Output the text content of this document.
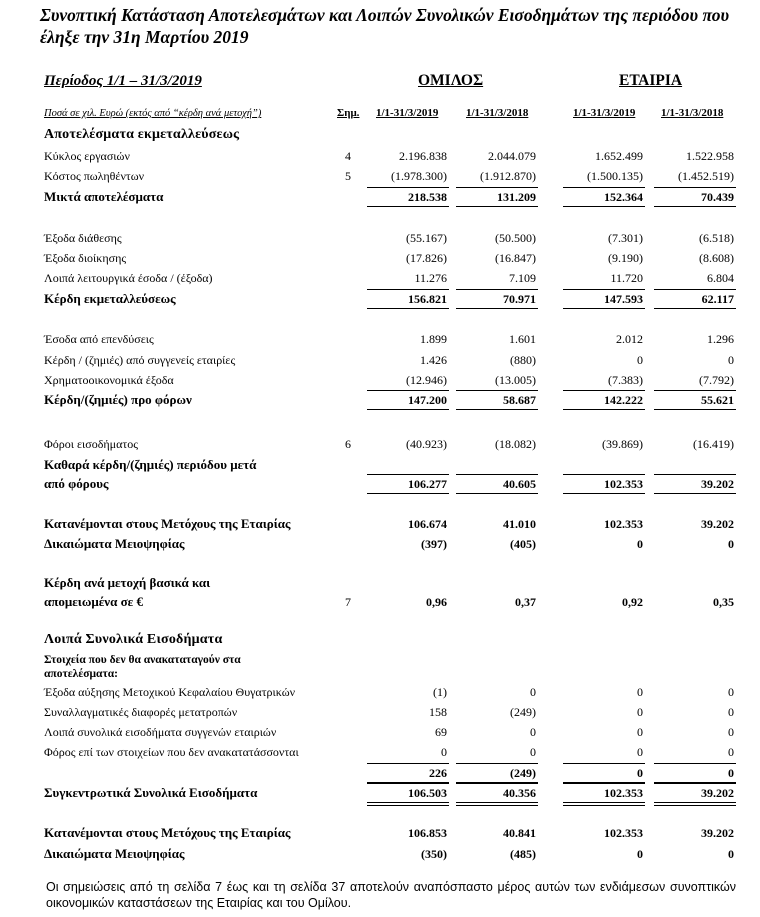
Συνοπτική Κατάσταση Αποτελεσμάτων και Λοιπών Συνολικών Εισοδημάτων της περιόδου που έληξε την 31η Μαρτίου 2019
Περίοδος 1/1 – 31/3/2019	ΟΜΙΛΟΣ	ΕΤΑΙΡΙΑ
Ποσά σε χιλ. Ευρώ (εκτός από “κέρδη ανά μετοχή”)	Σημ. 1/1-31/3/2019	1/1-31/3/2018	1/1-31/3/2019 1/1-31/3/2018
Αποτελέσματα εκμεταλλεύσεως
Κύκλος εργασιών	4	2.196.838	2.044.079	1.652.499	1.522.958
Κόστος πωληθέντων	5	(1.978.300)	(1.912.870)	(1.500.135)	(1.452.519)
Μικτά αποτελέσματα	218.538	131.209	152.364	70.439
Έξοδα διάθεσης	(55.167)	(50.500)	(7.301)	(6.518)
Έξοδα διοίκησης	(17.826)	(16.847)	(9.190)	(8.608)
Λοιπά λειτουργικά έσοδα / (έξοδα)	11.276	7.109	11.720	6.804
Κέρδη εκμεταλλεύσεως	156.821	70.971	147.593	62.117
Έσοδα από επενδύσεις	1.899	1.601	2.012	1.296
Κέρδη / (ζημιές) από συγγενείς εταιρίες	1.426	(880)	0	0
Χρηματοοικονομικά έξοδα	(12.946)	(13.005)	(7.383)	(7.792)
Κέρδη/(ζημιές) προ φόρων	147.200	58.687	142.222	55.621
Φόροι εισοδήματος	6	(40.923)	(18.082)	(39.869)	(16.419)
Καθαρά κέρδη/(ζημιές) περιόδου μετά
από φόρους	106.277	40.605	102.353	39.202
Κατανέμονται στους Μετόχους της Εταιρίας	106.674	41.010	102.353	39.202
Δικαιώματα Μειοψηφίας	(397)	(405)	0	0
Κέρδη ανά μετοχή βασικά και
απομειωμένα σε €	7	0,96	0,37	0,92	0,35
Λοιπά Συνολικά Εισοδήματα
Στοιχεία που δεν θα ανακαταταγούν στα
αποτελέσματα:
Έξοδα αύξησης Μετοχικού Κεφαλαίου Θυγατρικών	(1)	0	0	0
Συναλλαγματικές διαφορές μετατροπών	158	(249)	0	0
Λοιπά συνολικά εισοδήματα συγγενών εταιριών	69	0	0	0
Φόρος επί των στοιχείων που δεν ανακατατάσσονται	0	0	0	0
226	(249)	0	0
Συγκεντρωτικά Συνολικά Εισοδήματα	106.503	40.356	102.353	39.202
Κατανέμονται στους Μετόχους της Εταιρίας	106.853	40.841	102.353	39.202
Δικαιώματα Μειοψηφίας	(350)	(485)	0	0
Οι σημειώσεις από τη σελίδα 7 έως και τη σελίδα 37 αποτελούν αναπόσπαστο μέρος αυτών των ενδιάμεσων συνοπτικών οικονομικών καταστάσεων της Εταιρίας και του Ομίλου.
